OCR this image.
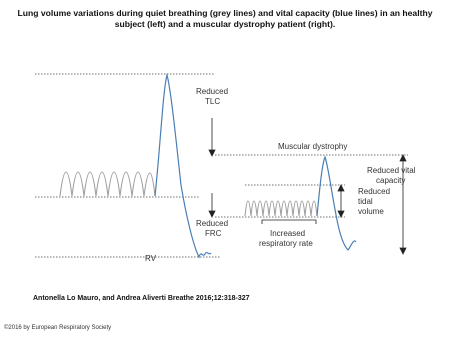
Lung volume variations during quiet breathing (grey lines) and vital capacity (blue lines) in an healthy subject (left) and a muscular dystrophy patient (right).
Reduced
TLC
Reduced
FRC
RV
Muscular dystrophy
Reduced vital
capacity
Reduced
tidal
volume
Increased
respiratory rate
Antonella Lo Mauro, and Andrea Aliverti Breathe 2016;12:318-327
©2016 by European Respiratory Society
